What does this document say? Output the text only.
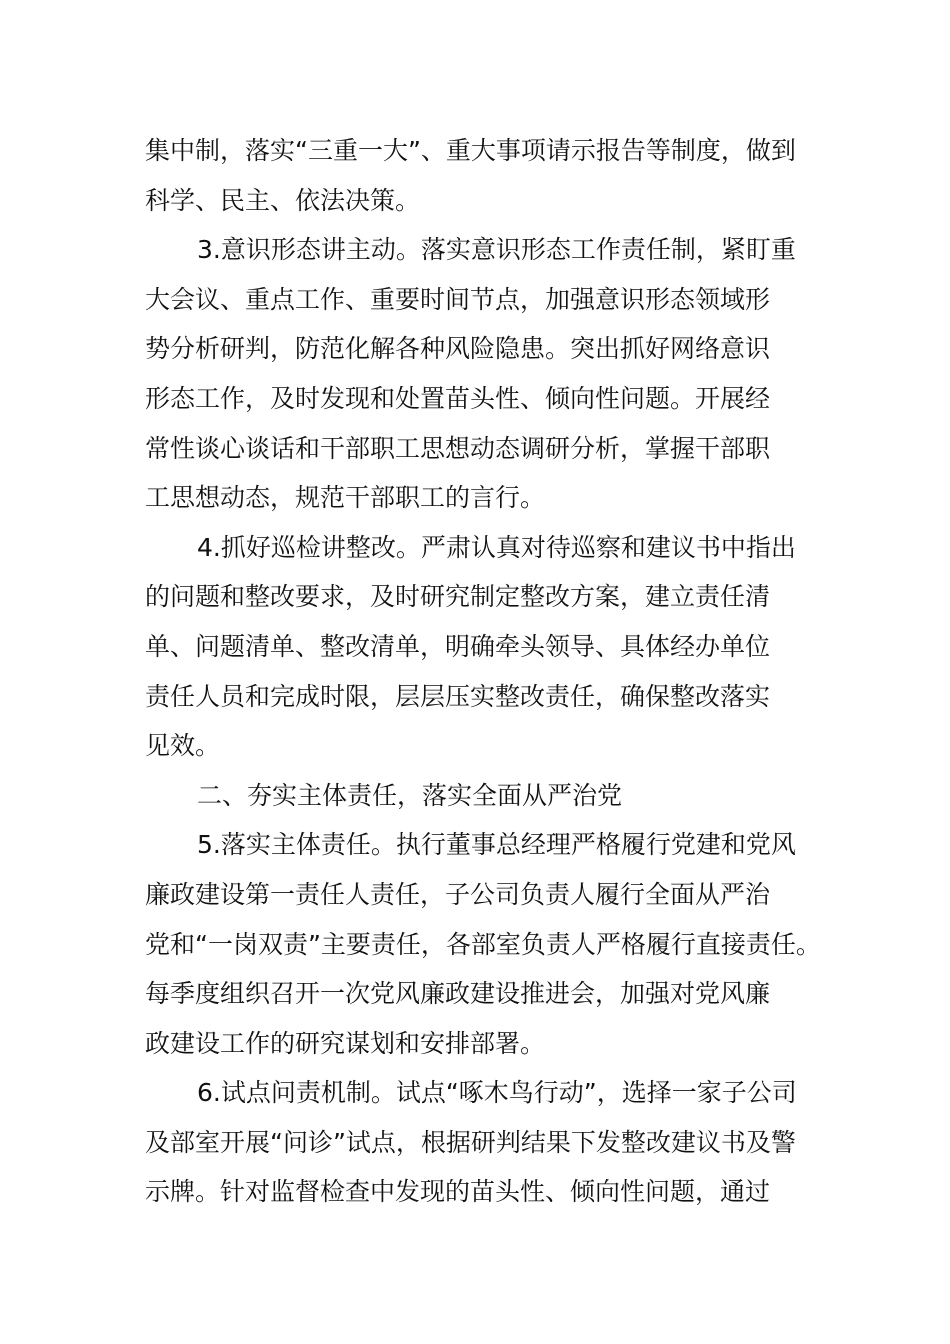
集中制，落实“三重一大”、重大事项请示报告等制度，做到
科学、民主、依法决策。
3.意识形态讲主动。落实意识形态工作责任制，紧盯重
大会议、重点工作、重要时间节点，加强意识形态领域形
势分析研判，防范化解各种风险隐患。突出抓好网络意识
形态工作，及时发现和处置苗头性、倾向性问题。开展经
常性谈心谈话和干部职工思想动态调研分析，掌握干部职
工思想动态，规范干部职工的言行。
4.抓好巡检讲整改。严肃认真对待巡察和建议书中指出
的问题和整改要求，及时研究制定整改方案，建立责任清
单、问题清单、整改清单，明确牵头领导、具体经办单位
责任人员和完成时限，层层压实整改责任，确保整改落实
见效。
二、夯实主体责任，落实全面从严治党
5.落实主体责任。执行董事总经理严格履行党建和党风
廉政建设第一责任人责任，子公司负责人履行全面从严治
党和“一岗双责”主要责任，各部室负责人严格履行直接责任。
每季度组织召开一次党风廉政建设推进会，加强对党风廉
政建设工作的研究谋划和安排部署。
6.试点问责机制。试点“啄木鸟行动”，选择一家子公司
及部室开展“问诊”试点，根据研判结果下发整改建议书及警
示牌。针对监督检查中发现的苗头性、倾向性问题，通过
